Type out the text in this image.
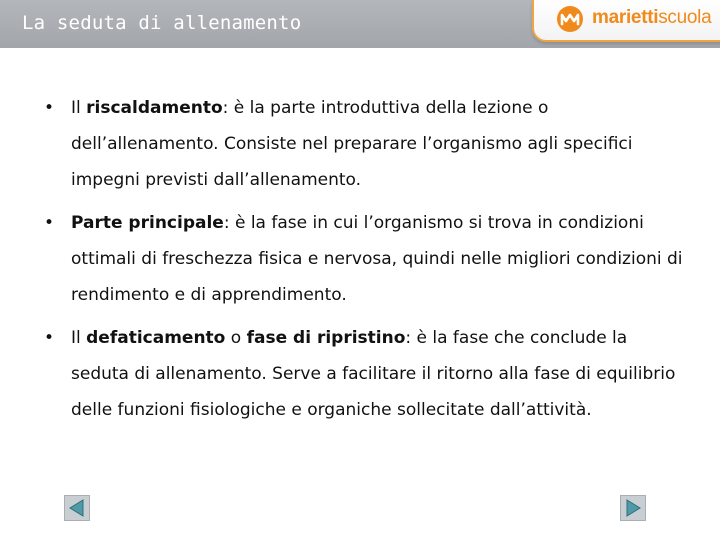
La seduta di allenamento	mariettiscuola
• Il riscaldamento: è la parte introduttiva della lezione o dell’allenamento. Consiste nel preparare l’organismo agli specifici impegni previsti dall’allenamento.
• Parte principale: è la fase in cui l’organismo si trova in condizioni ottimali di freschezza fisica e nervosa, quindi nelle migliori condizioni di rendimento e di apprendimento.
• Il defaticamento o fase di ripristino: è la fase che conclude la seduta di allenamento. Serve a facilitare il ritorno alla fase di equilibrio delle funzioni fisiologiche e organiche sollecitate dall’attività.
